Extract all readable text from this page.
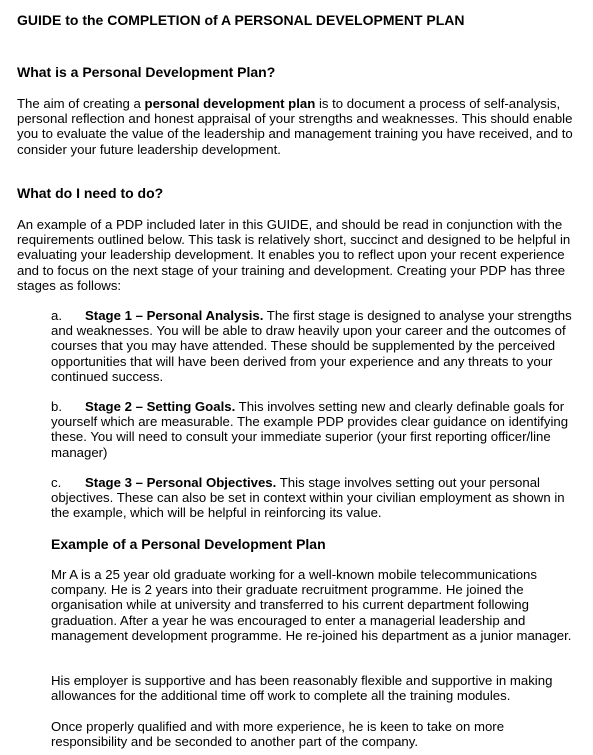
GUIDE to the COMPLETION of A PERSONAL DEVELOPMENT PLAN

What is a Personal Development Plan?

The aim of creating a personal development plan is to document a process of self-analysis, personal reflection and honest appraisal of your strengths and weaknesses. This should enable you to evaluate the value of the leadership and management training you have received, and to consider your future leadership development.

What do I need to do?

An example of a PDP included later in this GUIDE, and should be read in conjunction with the requirements outlined below. This task is relatively short, succinct and designed to be helpful in evaluating your leadership development. It enables you to reflect upon your recent experience and to focus on the next stage of your training and development. Creating your PDP has three stages as follows:

a. Stage 1 – Personal Analysis. The first stage is designed to analyse your strengths and weaknesses. You will be able to draw heavily upon your career and the outcomes of courses that you may have attended. These should be supplemented by the perceived opportunities that will have been derived from your experience and any threats to your continued success.

b. Stage 2 – Setting Goals. This involves setting new and clearly definable goals for yourself which are measurable. The example PDP provides clear guidance on identifying these. You will need to consult your immediate superior (your first reporting officer/line manager)

c. Stage 3 – Personal Objectives. This stage involves setting out your personal objectives. These can also be set in context within your civilian employment as shown in the example, which will be helpful in reinforcing its value.

Example of a Personal Development Plan

Mr A is a 25 year old graduate working for a well-known mobile telecommunications company. He is 2 years into their graduate recruitment programme. He joined the organisation while at university and transferred to his current department following graduation. After a year he was encouraged to enter a managerial leadership and management development programme. He re-joined his department as a junior manager.

His employer is supportive and has been reasonably flexible and supportive in making allowances for the additional time off work to complete all the training modules.

Once properly qualified and with more experience, he is keen to take on more responsibility and be seconded to another part of the company.
